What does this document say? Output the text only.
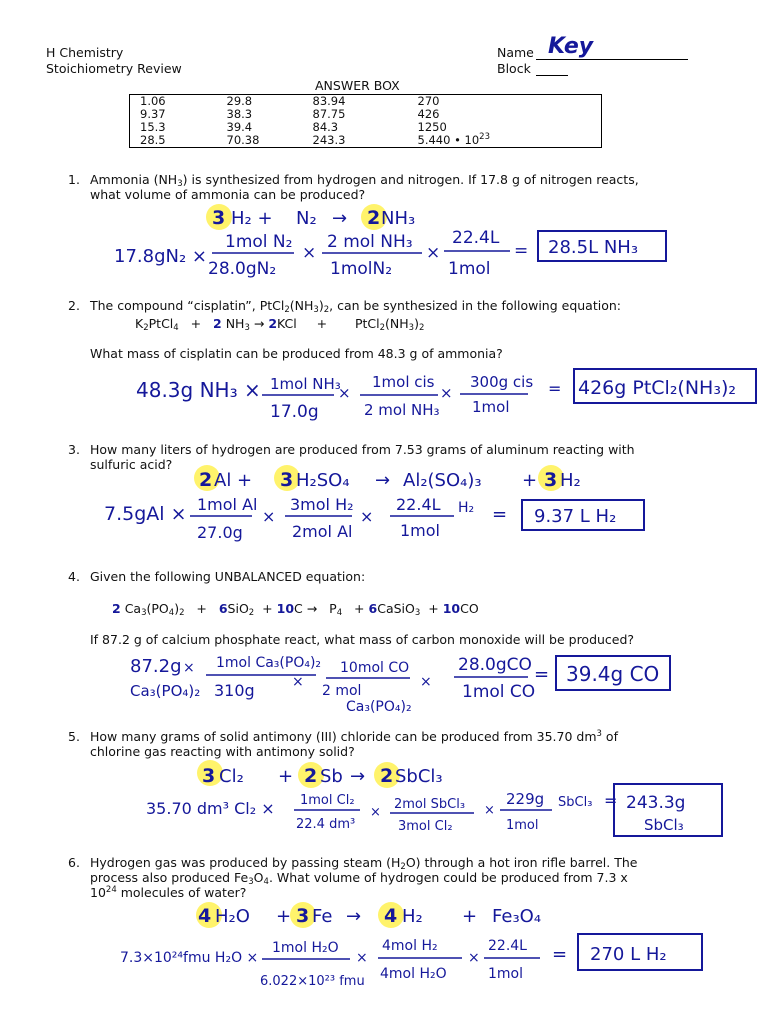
H Chemistry
Stoichiometry Review
Name Key
Block
ANSWER BOX
1.06	29.8	83.94	270
9.37	38.3	87.75	426
15.3	39.4	84.3	1250
28.5	70.38	243.3	5.440 • $10^{23}$
1. Ammonia $(NH_3)$ is synthesized from hydrogen and nitrogen. If 17.8 g of nitrogen reacts,
what volume of ammonia can be produced?
2. The compound “cisplatin”, $PtCl_2(NH_3)_2$, can be synthesized in the following equation:
$K_2PtCl_4 + 2$ $NH_3 \to 2KCl$ + $PtCl_2(NH_3)_2$
What mass of cisplatin can be produced from 48.3 g of ammonia?
3. How many liters of hydrogen are produced from 7.53 grams of aluminum reacting with
sulfuric acid?
4. Given the following UNBALANCED equation:
2 $Ca_3(PO_4)_2 + 6SiO_2 + 10C \to P_4$ + 6CaSiO$_3$ + 10CO
If 87.2 g of calcium phosphate react, what mass of carbon monoxide will be produced?
5. How many grams of solid antimony (III) chloride can be produced from 35.70 $dm^3$ of
chlorine gas reacting with antimony solid?
6. Hydrogen gas was produced by passing steam $(H_2O)$ through a hot iron rifle barrel. The
process also produced $Fe_3O_4$. What volume of hydrogen could be produced from 7.3 x
$10^{24}$ molecules of water?
3 H₂ + N₂ → 2 NH₃
17.8gN₂ ×
1mol N₂
28.0gN₂
×
2 mol NH₃
1molN₂
×
22.4L
1mol
= 28.5L NH₃
48.3g NH₃ × 1mol NH₃
17.0g
×
1mol cis
2 mol NH₃
×
300g cis
1mol
= 426g PtCl₂(NH₃)₂
2 Al + 3 H₂SO₄ → Al₂(SO₄)₃ + 3 H₂
7.5gAl × 1mol Al
27.0g
×
3mol H₂
2mol Al
×
22.4L H₂
1mol
= 9.37 L H₂
87.2g
Ca₃(PO₄)₂
× 1mol Ca₃(PO₄)₂
310g	×
10mol CO
2 mol
Ca₃(PO₄)₂
×
28.0gCO
1mol CO
= 39.4g CO
3 Cl₂ + 2 Sb → 2 SbCl₃
35.70 dm³ Cl₂ × 1mol Cl₂
22.4 dm³
×
2mol SbCl₃
3mol Cl₂
×
229g SbCl₃
1mol
= 243.3g
SbCl₃
4 H₂O + 3 Fe → 4 H₂ + Fe₃O₄
7.3×10²⁴fmu H₂O ×
1mol H₂O
6.022×10²³ fmu
×
4mol H₂
4mol H₂O
×
22.4L
1mol
= 270 L H₂
